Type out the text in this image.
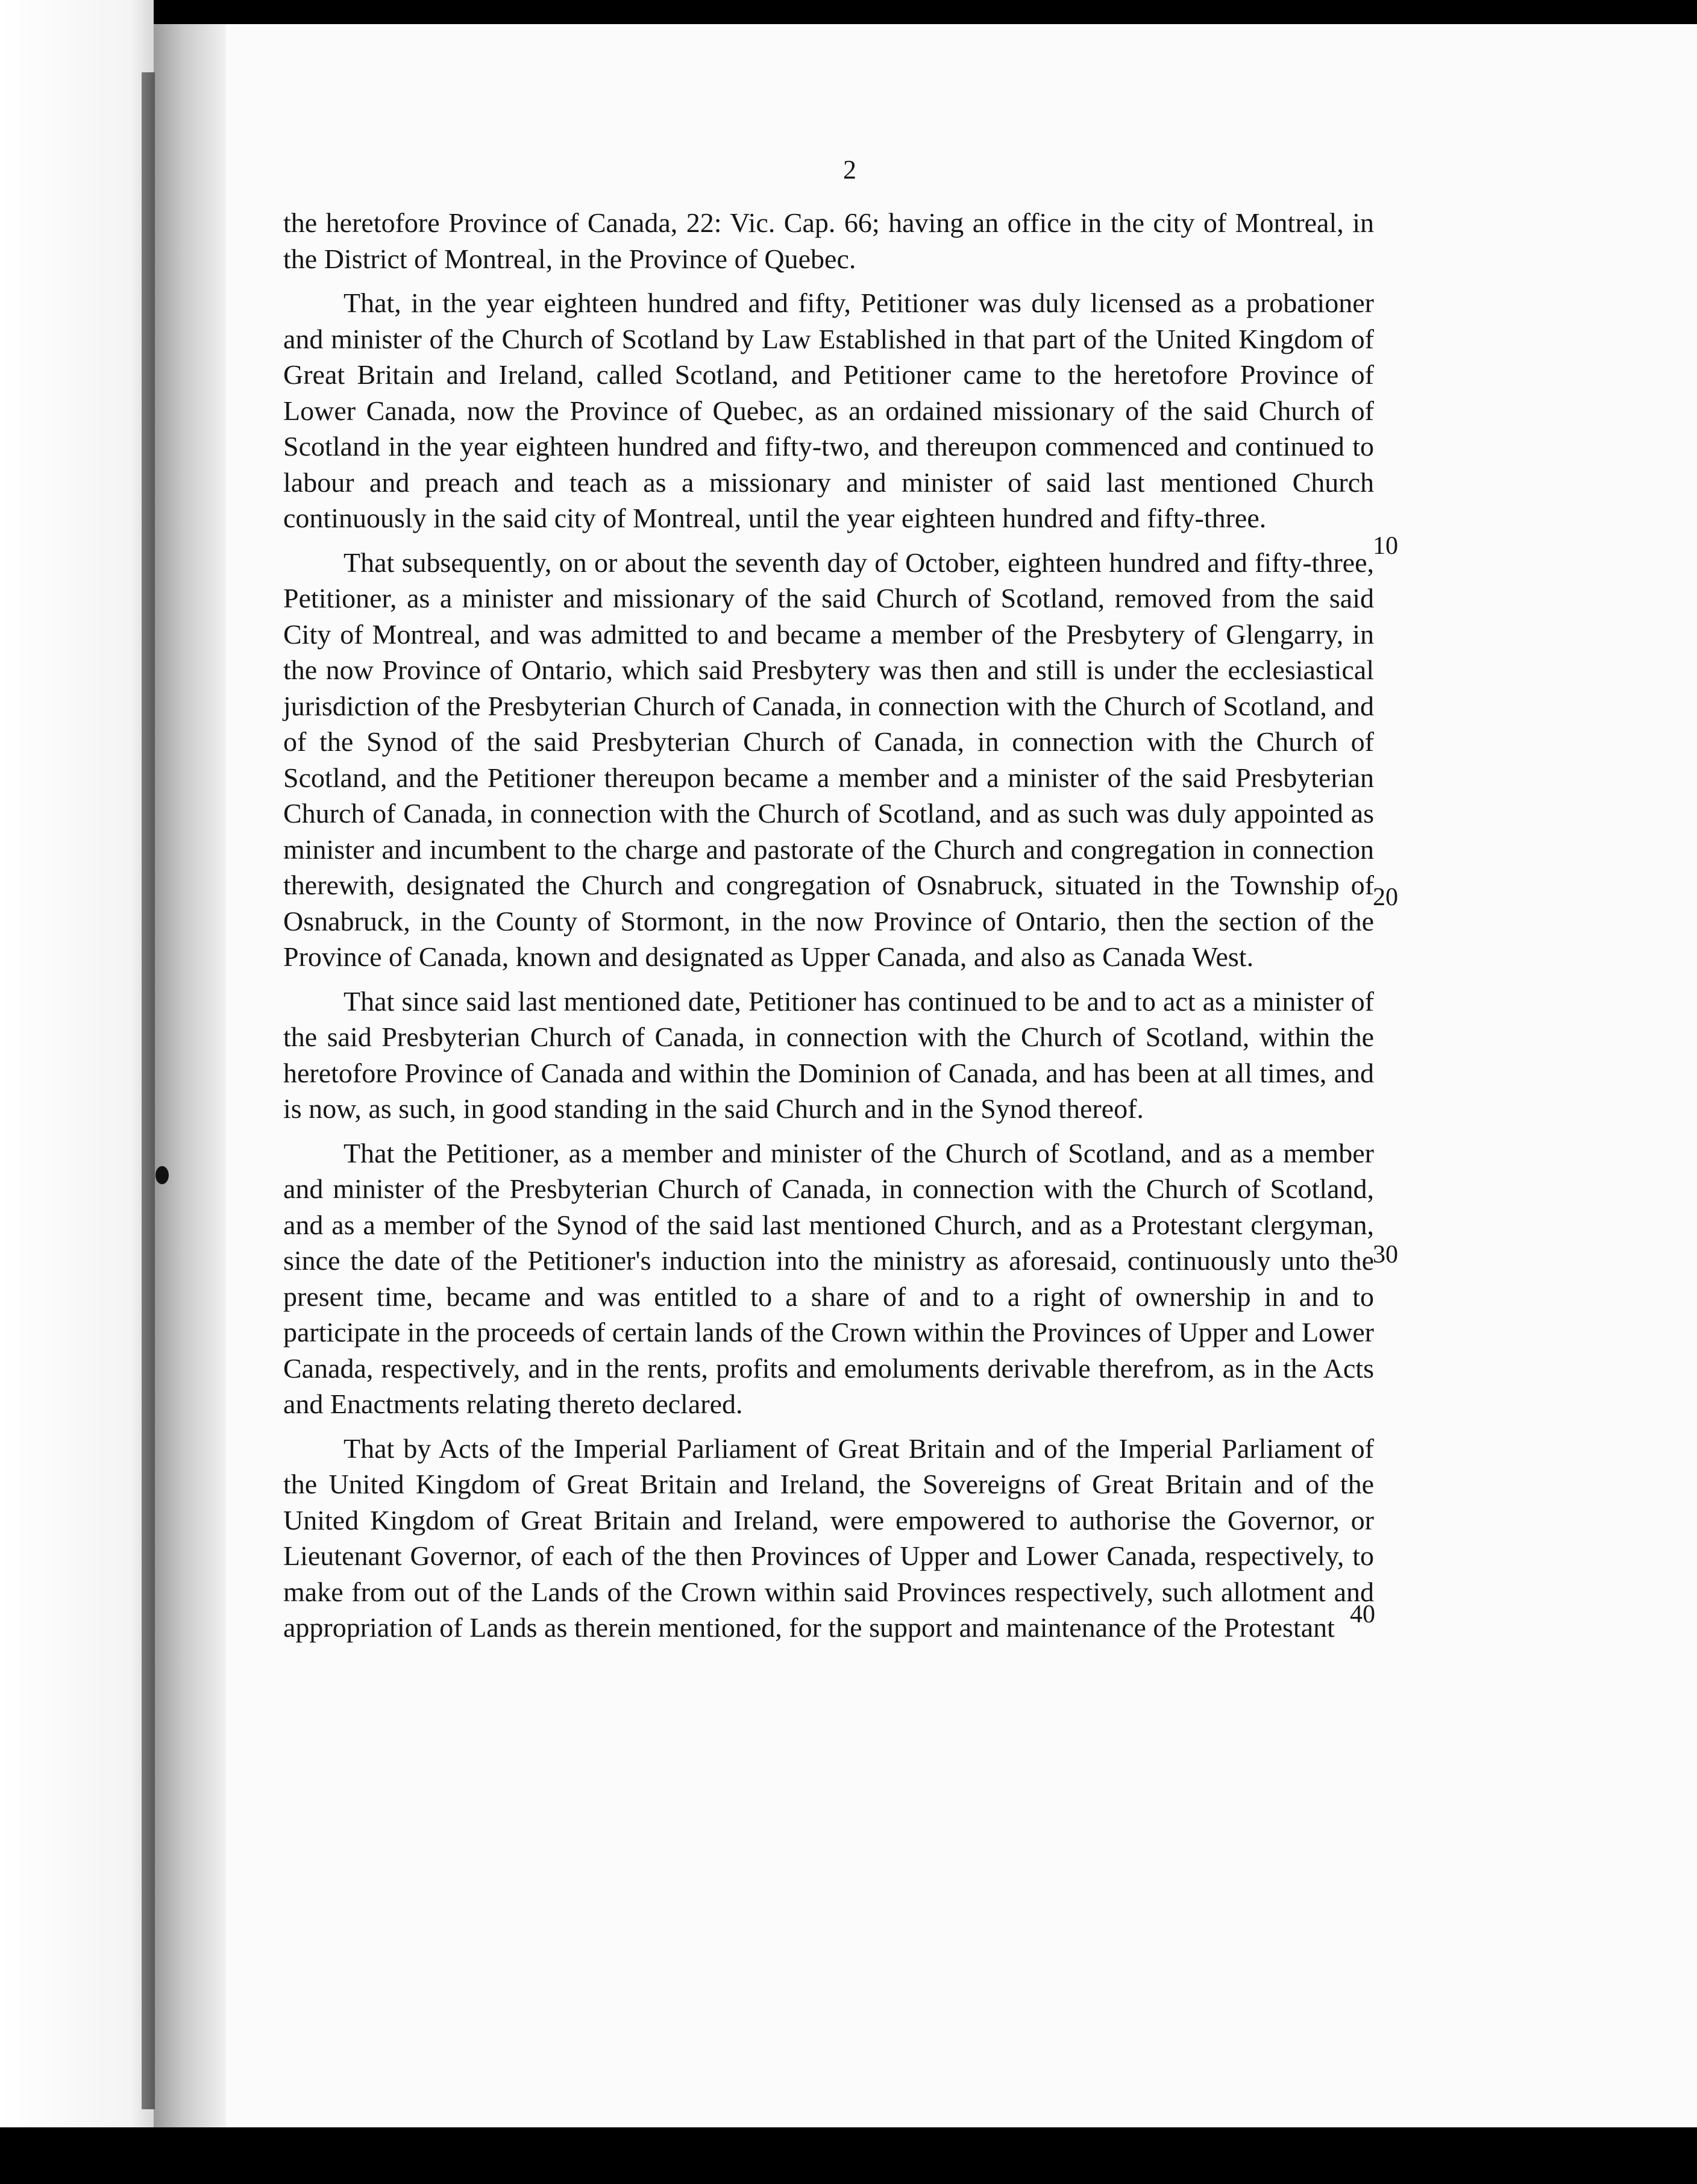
2

the heretofore Province of Canada, 22: Vic. Cap. 66; having an office in the city of Montreal, in the District of Montreal, in the Province of Quebec.

That, in the year eighteen hundred and fifty, Petitioner was duly licensed as a probationer and minister of the Church of Scotland by Law Established in that part of the United Kingdom of Great Britain and Ireland, called Scotland, and Petitioner came to the heretofore Province of Lower Canada, now the Province of Quebec, as an ordained missionary of the said Church of Scotland in the year eighteen hundred and fifty-two, and thereupon commenced and continued to labour and preach and teach as a missionary and minister of said last mentioned Church continuously in the said city of Montreal, until the year eighteen hundred and fifty-three.

That subsequently, on or about the seventh day of October, eighteen hundred and fifty-three, Petitioner, as a minister and missionary of the said Church of Scotland, removed from the said City of Montreal, and was admitted to and became a member of the Presbytery of Glengarry, in the now Province of Ontario, which said Presbytery was then and still is under the ecclesiastical jurisdiction of the Presbyterian Church of Canada, in connection with the Church of Scotland, and of the Synod of the said Presbyterian Church of Canada, in connection with the Church of Scotland, and the Petitioner thereupon became a member and a minister of the said Presbyterian Church of Canada, in connection with the Church of Scotland, and as such was duly appointed as minister and incumbent to the charge and pastorate of the Church and congregation in connection therewith, designated the Church and congregation of Osnabruck, situated in the Township of Osnabruck, in the County of Stormont, in the now Province of Ontario, then the section of the Province of Canada, known and designated as Upper Canada, and also as Canada West.

That since said last mentioned date, Petitioner has continued to be and to act as a minister of the said Presbyterian Church of Canada, in connection with the Church of Scotland, within the heretofore Province of Canada and within the Dominion of Canada, and has been at all times, and is now, as such, in good standing in the said Church and in the Synod thereof.

That the Petitioner, as a member and minister of the Church of Scotland, and as a member and minister of the Presbyterian Church of Canada, in connection with the Church of Scotland, and as a member of the Synod of the said last mentioned Church, and as a Protestant clergyman, since the date of the Petitioner's induction into the ministry as aforesaid, continuously unto the present time, became and was entitled to a share of and to a right of ownership in and to participate in the proceeds of certain lands of the Crown within the Provinces of Upper and Lower Canada, respectively, and in the rents, profits and emoluments derivable therefrom, as in the Acts and Enactments relating thereto declared.

That by Acts of the Imperial Parliament of Great Britain and of the Imperial Parliament of the United Kingdom of Great Britain and Ireland, the Sovereigns of Great Britain and of the United Kingdom of Great Britain and Ireland, were empowered to authorise the Governor, or Lieutenant Governor, of each of the then Provinces of Upper and Lower Canada, respectively, to make from out of the Lands of the Crown within said Provinces respectively, such allotment and appropriation of Lands as therein mentioned, for the support and maintenance of the Protestant

10
20
30
40
